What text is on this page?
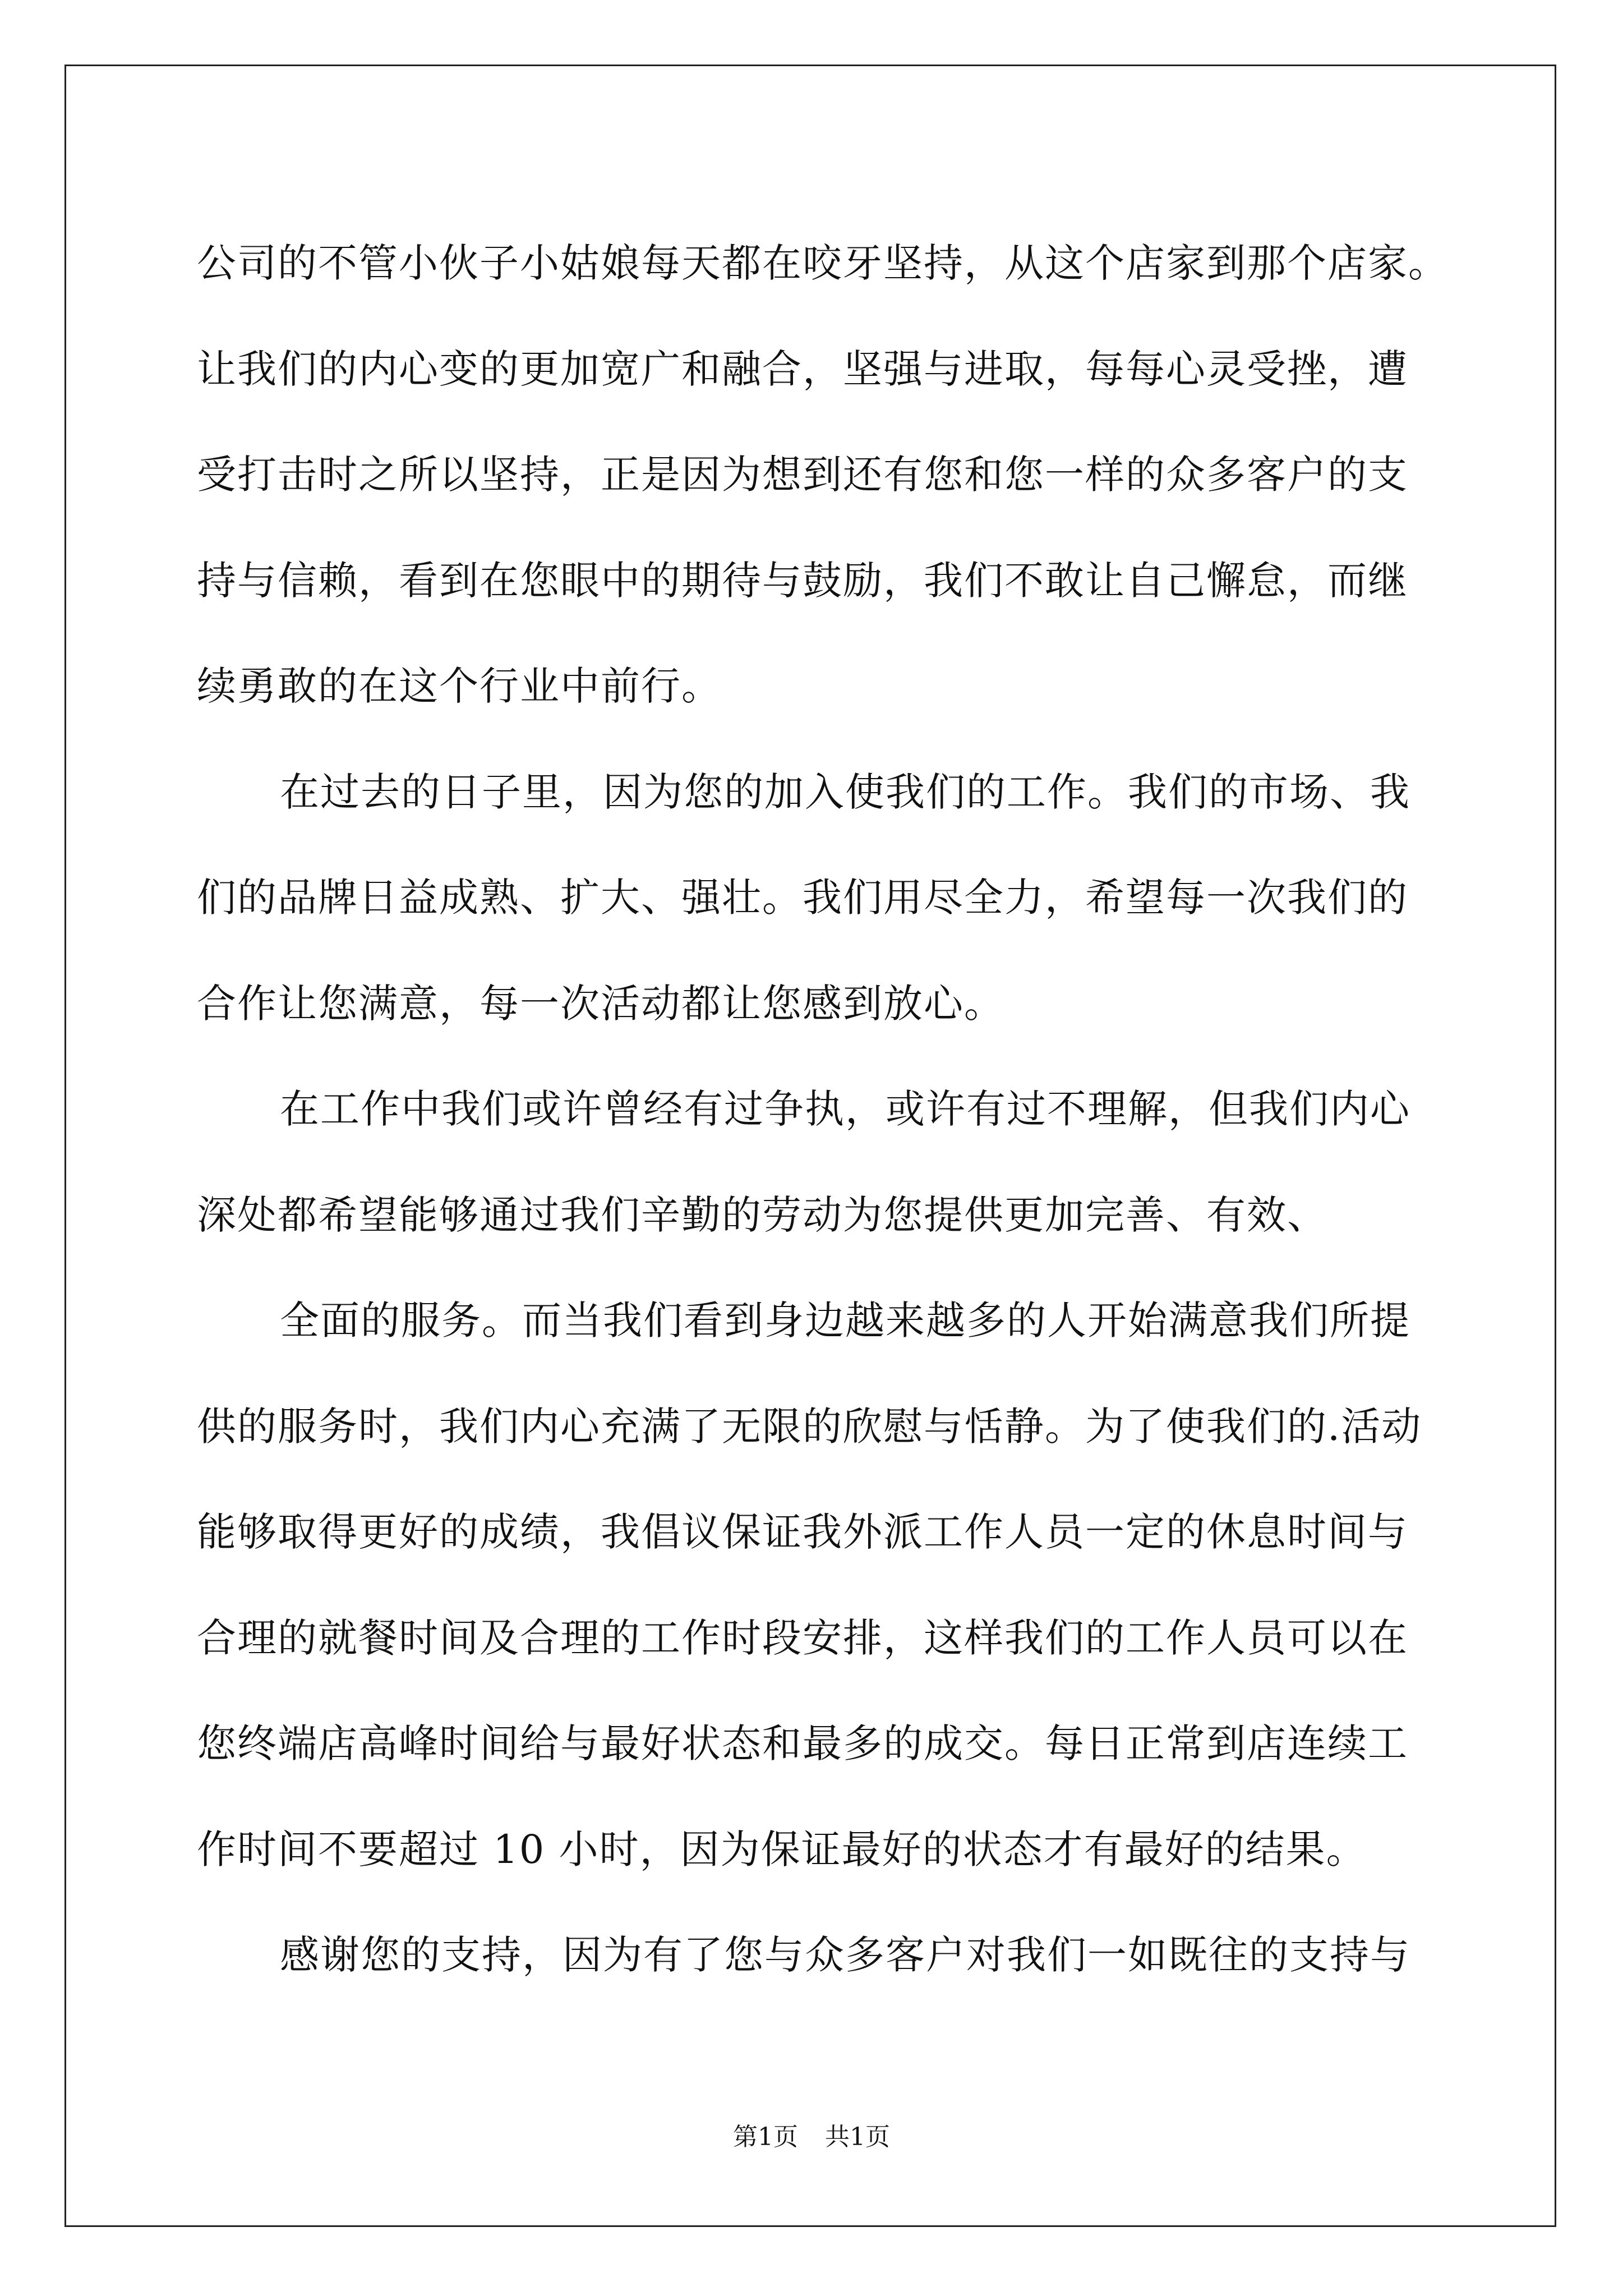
公司的不管小伙子小姑娘每天都在咬牙坚持，从这个店家到那个店家。

让我们的内心变的更加宽广和融合，坚强与进取，每每心灵受挫，遭

受打击时之所以坚持，正是因为想到还有您和您一样的众多客户的支

持与信赖，看到在您眼中的期待与鼓励，我们不敢让自己懈怠，而继

续勇敢的在这个行业中前行。

在过去的日子里，因为您的加入使我们的工作。我们的市场、我

们的品牌日益成熟、扩大、强壮。我们用尽全力，希望每一次我们的

合作让您满意，每一次活动都让您感到放心。

在工作中我们或许曾经有过争执，或许有过不理解，但我们内心

深处都希望能够通过我们辛勤的劳动为您提供更加完善、有效、

全面的服务。而当我们看到身边越来越多的人开始满意我们所提

供的服务时，我们内心充满了无限的欣慰与恬静。为了使我们的.活动

能够取得更好的成绩，我倡议保证我外派工作人员一定的休息时间与

合理的就餐时间及合理的工作时段安排，这样我们的工作人员可以在

您终端店高峰时间给与最好状态和最多的成交。每日正常到店连续工

作时间不要超过 10 小时，因为保证最好的状态才有最好的结果。

感谢您的支持，因为有了您与众多客户对我们一如既往的支持与

第1页 共1页
